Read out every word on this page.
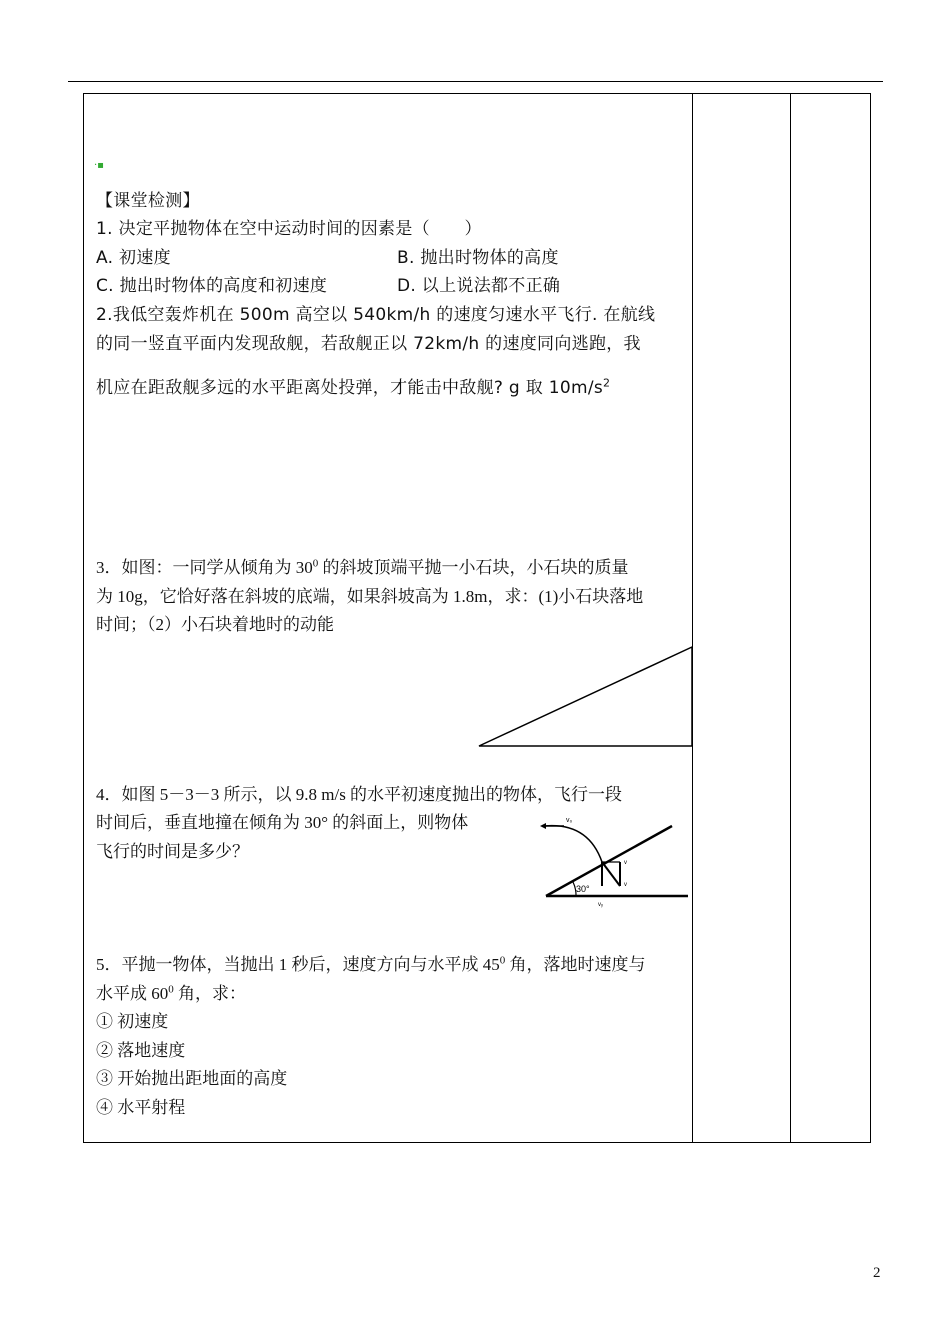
·▪
【课堂检测】
1. 决定平抛物体在空中运动时间的因素是（　　）
A. 初速度	B. 抛出时物体的高度
C. 抛出时物体的高度和初速度	D. 以上说法都不正确
2.我低空轰炸机在 500m 高空以 540km/h 的速度匀速水平飞行. 在航线
的同一竖直平面内发现敌舰，若敌舰正以 72km/h 的速度同向逃跑，我
机应在距敌舰多远的水平距离处投弹，才能击中敌舰? g 取 $10m/s^2$
3．如图：一同学从倾角为 $30^0$ 的斜坡顶端平抛一小石块，小石块的质量
为 10g，它恰好落在斜坡的底端，如果斜坡高为 1.8m，求：(1)小石块落地
时间；（2）小石块着地时的动能
4．如图 5－3－3 所示，以 9.8 m/s 的水平初速度抛出的物体，飞行一段
时间后，垂直地撞在倾角为 30° 的斜面上，则物体
飞行的时间是多少？
30°
v₀
v
v
vᵧ
5．平抛一物体，当抛出 1 秒后，速度方向与水平成 $45^0$ 角，落地时速度与
水平成 $60^0$ 角，求：
① 初速度
② 落地速度
③ 开始抛出距地面的高度
④ 水平射程
2
